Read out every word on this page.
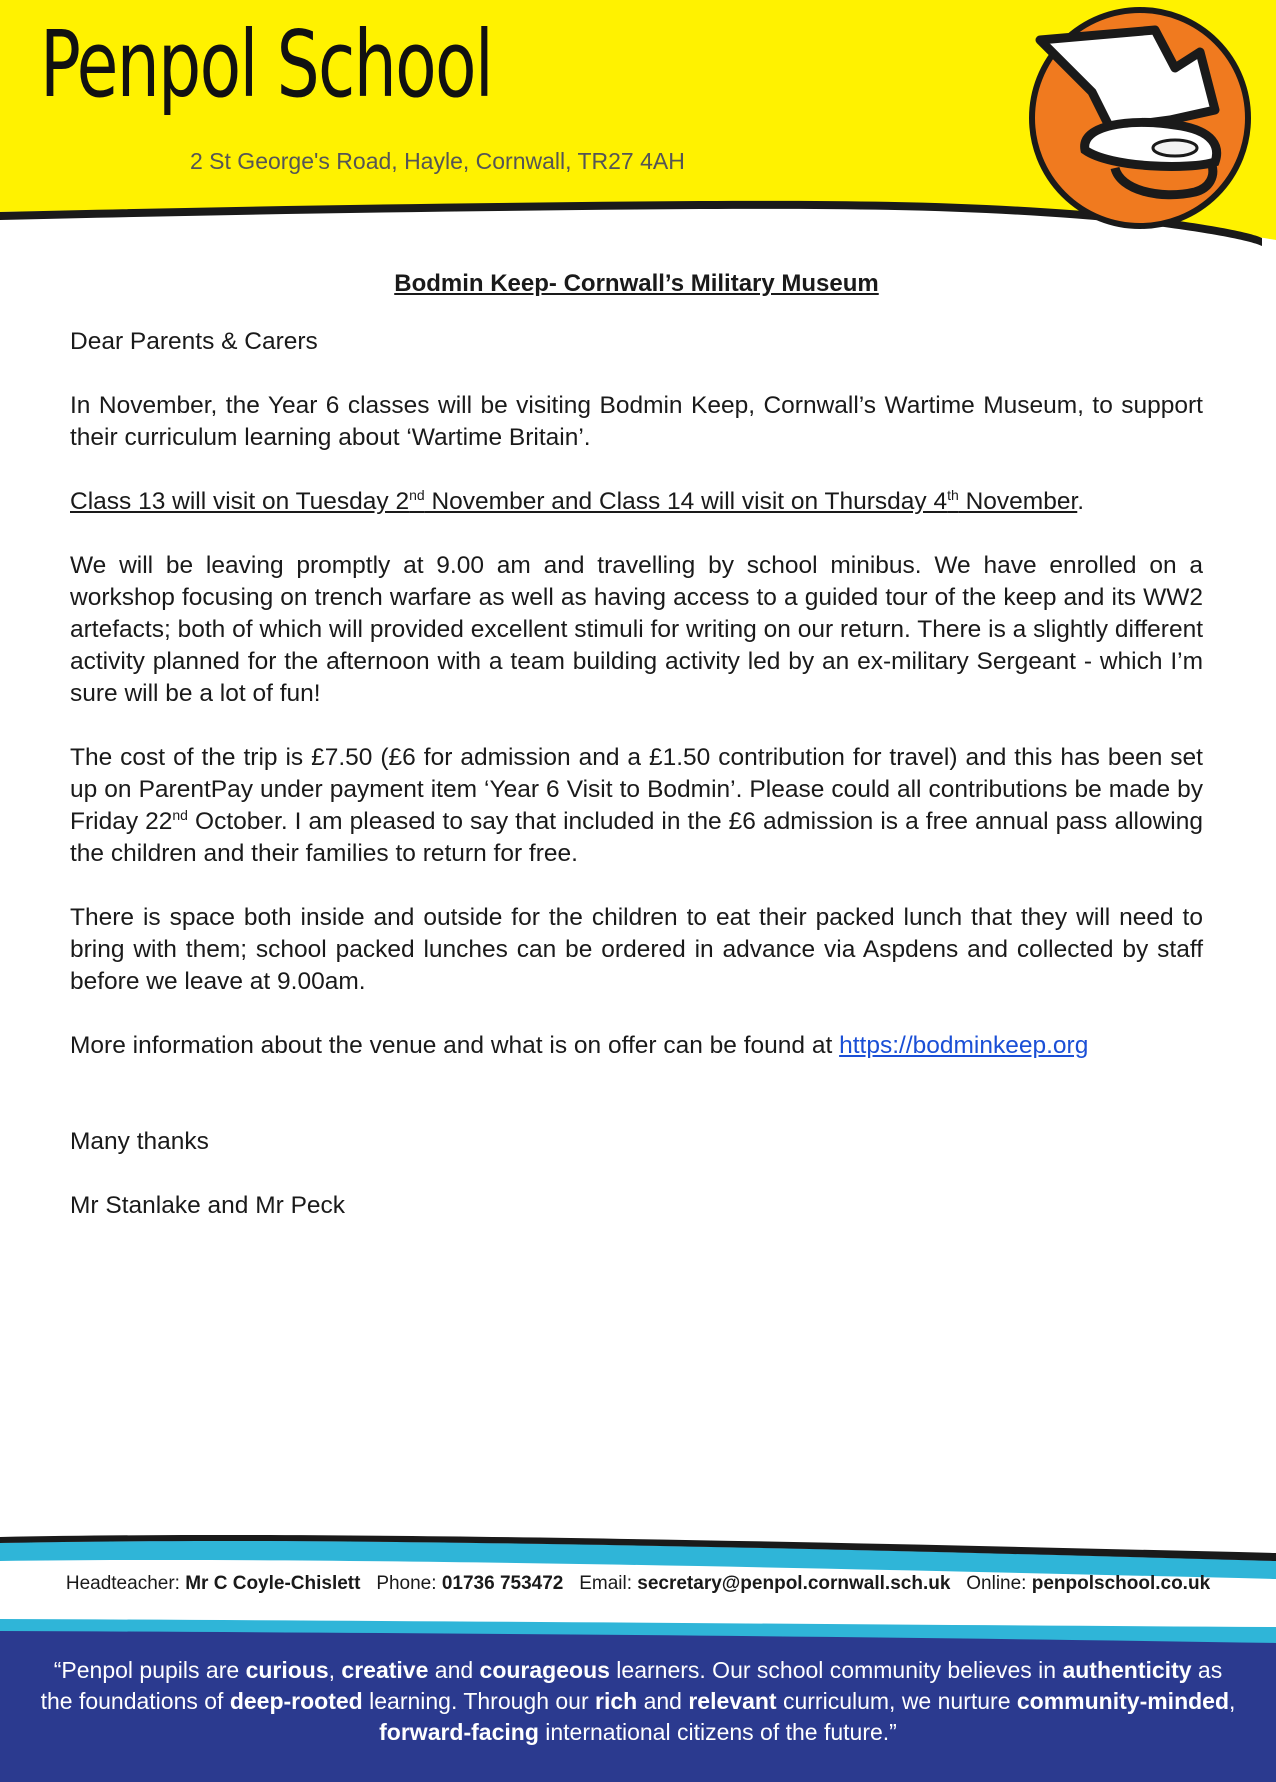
Penpol School
2 St George's Road, Hayle, Cornwall, TR27 4AH
Bodmin Keep- Cornwall’s Military Museum

Dear Parents & Carers

In November, the Year 6 classes will be visiting Bodmin Keep, Cornwall’s Wartime Museum, to support their curriculum learning about ‘Wartime Britain’.

Class 13 will visit on Tuesday 2nd November and Class 14 will visit on Thursday 4th November.

We will be leaving promptly at 9.00 am and travelling by school minibus. We have enrolled on a workshop focusing on trench warfare as well as having access to a guided tour of the keep and its WW2 artefacts; both of which will provided excellent stimuli for writing on our return. There is a slightly different activity planned for the afternoon with a team building activity led by an ex-military Sergeant - which I’m sure will be a lot of fun!

The cost of the trip is £7.50 (£6 for admission and a £1.50 contribution for travel) and this has been set up on ParentPay under payment item ‘Year 6 Visit to Bodmin’. Please could all contributions be made by Friday 22nd October. I am pleased to say that included in the £6 admission is a free annual pass allowing the children and their families to return for free.

There is space both inside and outside for the children to eat their packed lunch that they will need to bring with them; school packed lunches can be ordered in advance via Aspdens and collected by staff before we leave at 9.00am.

More information about the venue and what is on offer can be found at https://bodminkeep.org

Many thanks

Mr Stanlake and Mr Peck

Headteacher: Mr C Coyle-Chislett Phone: 01736 753472 Email: secretary@penpol.cornwall.sch.uk Online: penpolschool.co.uk
“Penpol pupils are curious, creative and courageous learners. Our school community believes in authenticity as the foundations of deep-rooted learning. Through our rich and relevant curriculum, we nurture community-minded, forward-facing international citizens of the future.”
